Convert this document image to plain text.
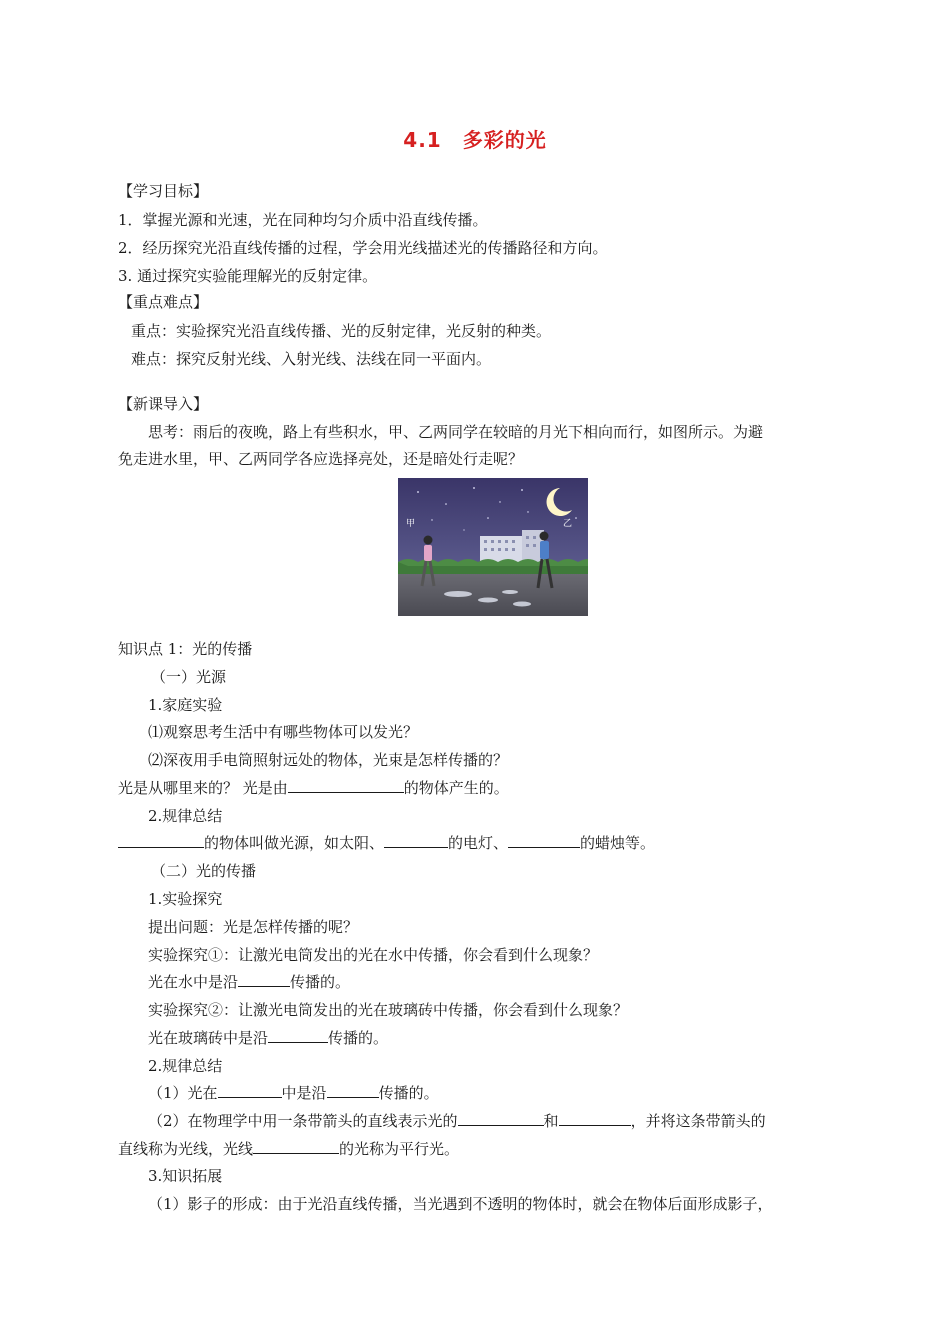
4.1　多彩的光
【学习目标】
1．掌握光源和光速，光在同种均匀介质中沿直线传播。
2．经历探究光沿直线传播的过程，学会用光线描述光的传播路径和方向。
3. 通过探究实验能理解光的反射定律。
【重点难点】
重点：实验探究光沿直线传播、光的反射定律，光反射的种类。
难点：探究反射光线、入射光线、法线在同一平面内。
【新课导入】
思考：雨后的夜晚，路上有些积水，甲、乙两同学在较暗的月光下相向而行，如图所示。为避
免走进水里，甲、乙两同学各应选择亮处，还是暗处行走呢？
甲	乙
知识点 1：光的传播
（一）光源
1.家庭实验
⑴观察思考生活中有哪些物体可以发光？
⑵深夜用手电筒照射远处的物体，光束是怎样传播的？
光是从哪里来的？ 光是由	的物体产生的。
2.规律总结
的物体叫做光源，如太阳、	的电灯、	的蜡烛等。
（二）光的传播
1.实验探究
提出问题：光是怎样传播的呢？
实验探究①：让激光电筒发出的光在水中传播，你会看到什么现象？
光在水中是沿	传播的。
实验探究②：让激光电筒发出的光在玻璃砖中传播，你会看到什么现象？
光在玻璃砖中是沿	传播的。
2.规律总结
（1）光在	中是沿	传播的。
（2）在物理学中用一条带箭头的直线表示光的	和	，并将这条带箭头的
直线称为光线，光线	的光称为平行光。
3.知识拓展
（1）影子的形成：由于光沿直线传播，当光遇到不透明的物体时，就会在物体后面形成影子，
